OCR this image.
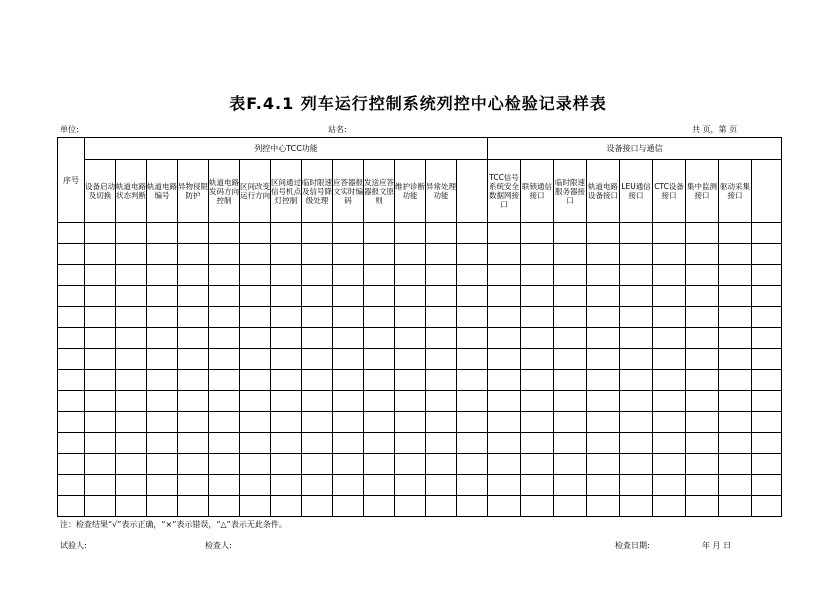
表F.4.1 列车运行控制系统列控中心检验记录样表
单位:	站名:	共 页，第 页
序号	列控中心TCC功能													设备接口与通信								
	设备启动及切换	轨道电路状态判断	轨道电路编号	异物侵限防护	轨道电路发码方向控制	区间改变运行方向	区间通过信号机点灯控制	临时限速及信号降级处理	应答器报文实时编码	发送应答器报文原则	维护诊断功能	异常处理功能		TCC信号系统安全数据网接口	联锁通信接口	临时限速服务器接口	轨道电路设备接口	LEU通信接口	CTC设备接口	集中监测接口	驱动采集接口	

注：检查结果“√”表示正确，“×”表示错误，“△”表示无此条件。
试验人:	检查人:	检查日期:	年 月 日
